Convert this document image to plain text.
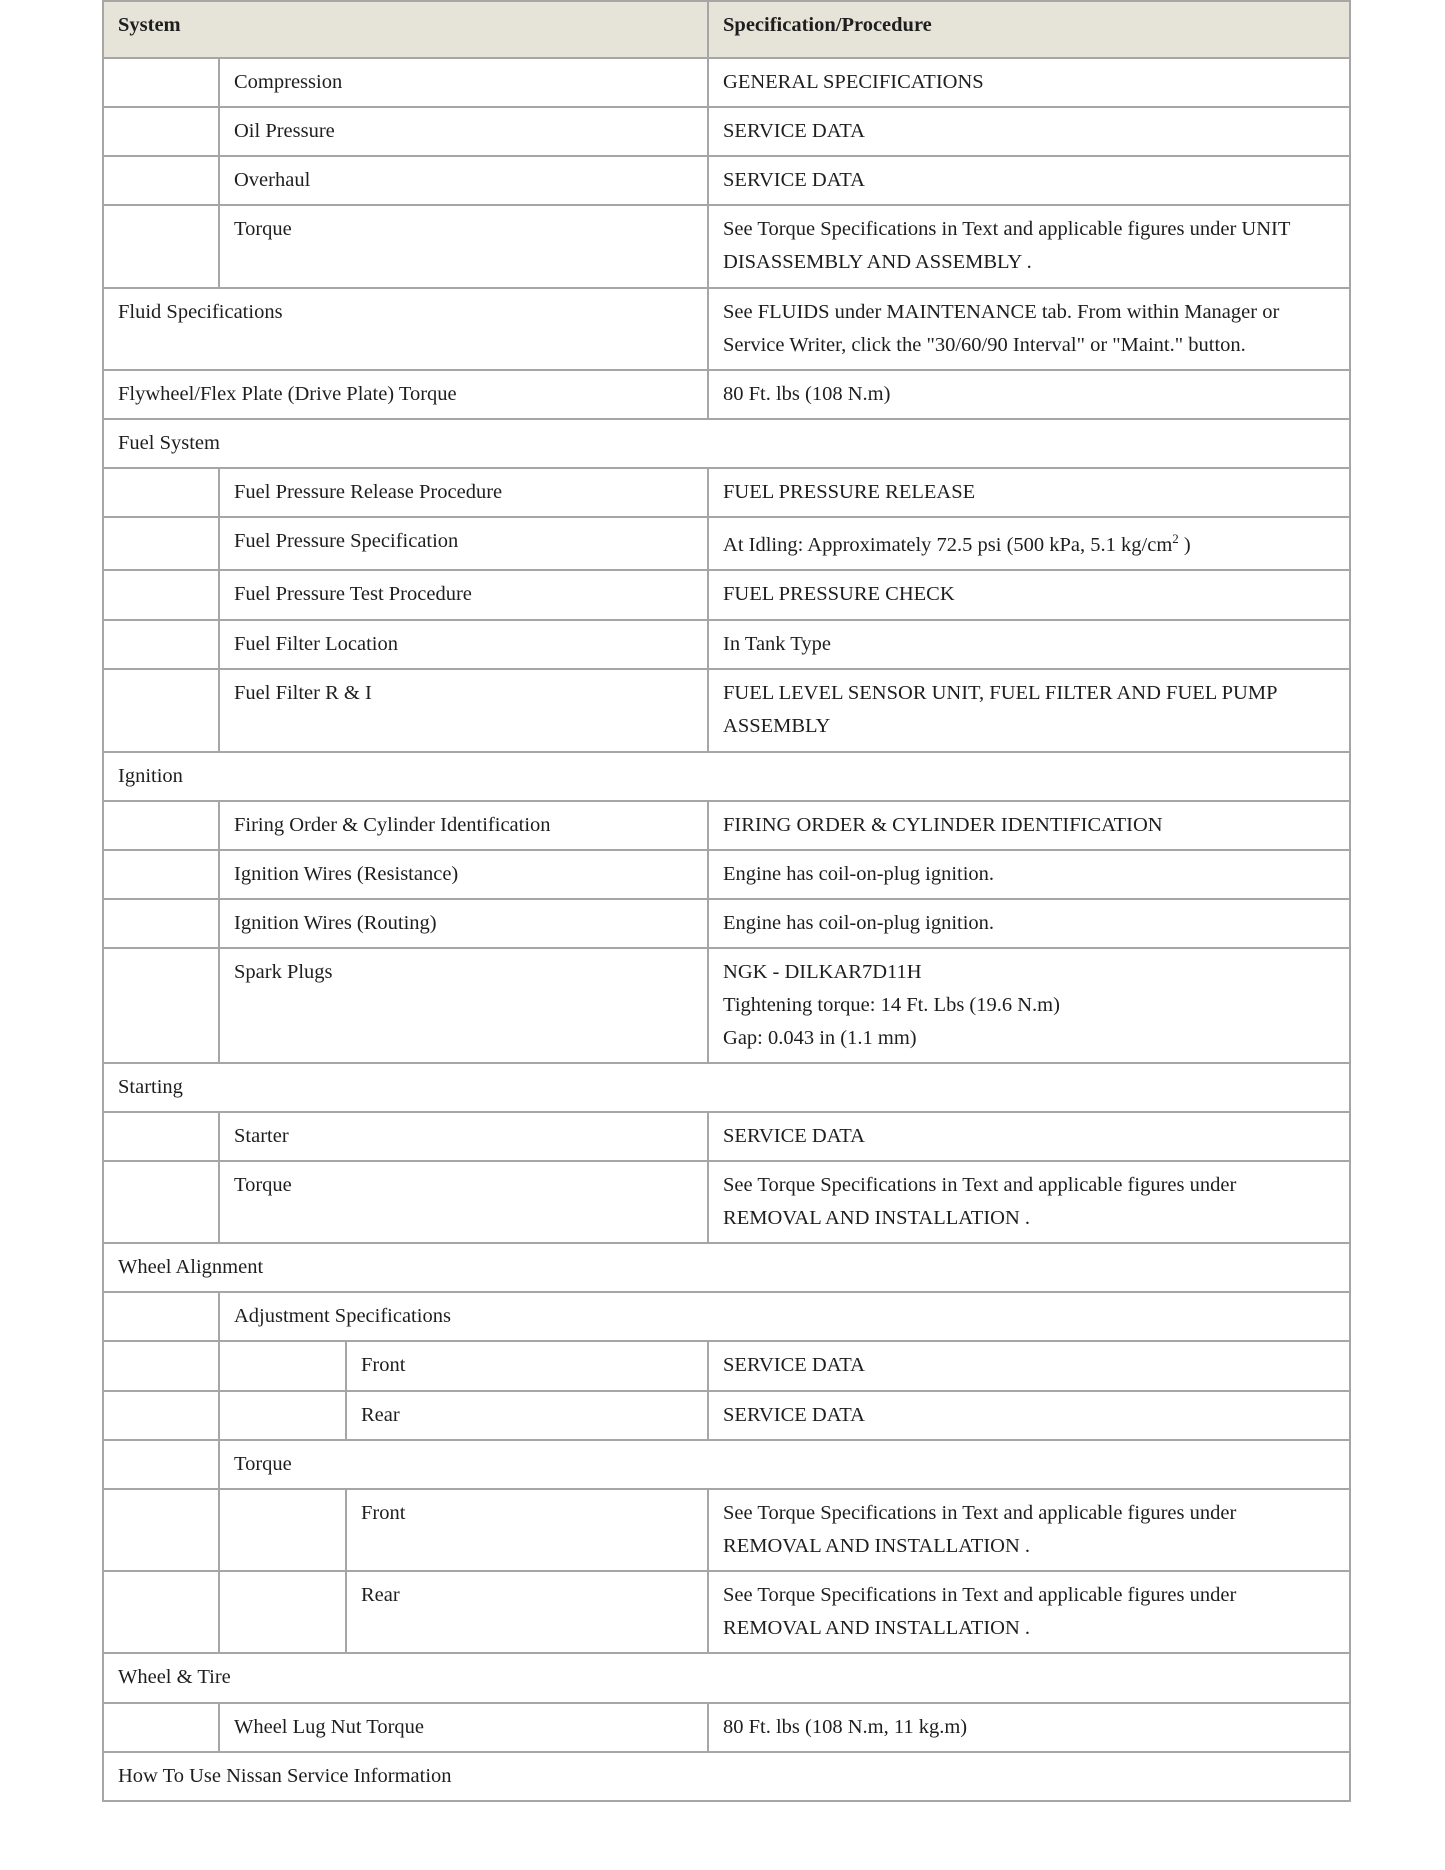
System			Specification/Procedure
	Compression		GENERAL SPECIFICATIONS
	Oil Pressure		SERVICE DATA
	Overhaul		SERVICE DATA
	Torque		See Torque Specifications in Text and applicable figures under UNIT DISASSEMBLY AND ASSEMBLY .
Fluid Specifications			See FLUIDS under MAINTENANCE tab. From within Manager or Service Writer, click the "30/60/90 Interval" or "Maint." button.
Flywheel/Flex Plate (Drive Plate) Torque			80 Ft. lbs (108 N.m)
Fuel System			
	Fuel Pressure Release Procedure		FUEL PRESSURE RELEASE
	Fuel Pressure Specification		At Idling: Approximately 72.5 psi (500 kPa, 5.1 $kg/cm^2$ )
	Fuel Pressure Test Procedure		FUEL PRESSURE CHECK
	Fuel Filter Location		In Tank Type
	Fuel Filter R & I		FUEL LEVEL SENSOR UNIT, FUEL FILTER AND FUEL PUMP ASSEMBLY
Ignition			
	Firing Order & Cylinder Identification		FIRING ORDER & CYLINDER IDENTIFICATION
	Ignition Wires (Resistance)		Engine has coil-on-plug ignition.
	Ignition Wires (Routing)		Engine has coil-on-plug ignition.
	Spark Plugs		NGK - DILKAR7D11H
Tightening torque: 14 Ft. Lbs (19.6 N.m)
Gap: 0.043 in (1.1 mm)

Starting			
	Starter		SERVICE DATA
	Torque		See Torque Specifications in Text and applicable figures under REMOVAL AND INSTALLATION .
Wheel Alignment			
	Adjustment Specifications		
		Front	SERVICE DATA
		Rear	SERVICE DATA
	Torque		
		Front	See Torque Specifications in Text and applicable figures under REMOVAL AND INSTALLATION .
		Rear	See Torque Specifications in Text and applicable figures under REMOVAL AND INSTALLATION .
Wheel & Tire			
	Wheel Lug Nut Torque		80 Ft. lbs (108 N.m, 11 kg.m)
How To Use Nissan Service Information			
